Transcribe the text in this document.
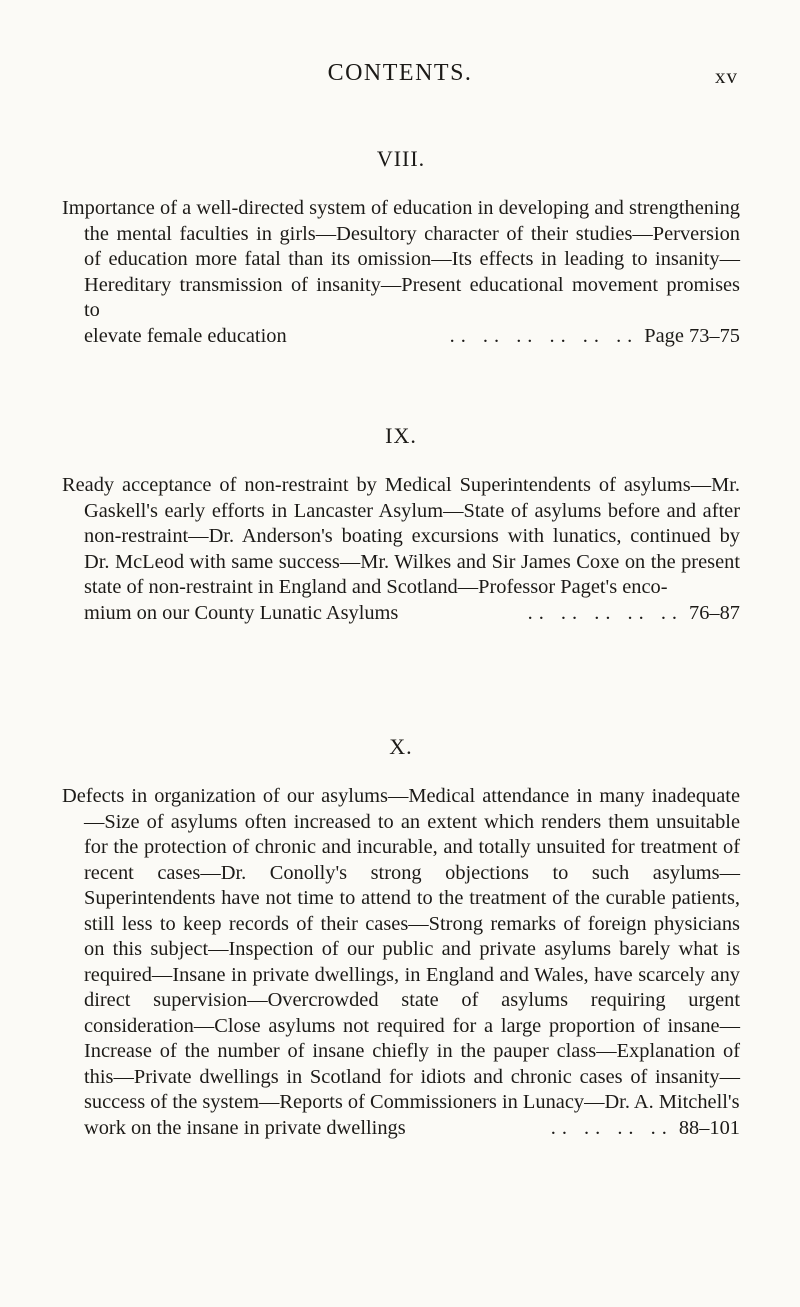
CONTENTS.	xv
VIII.
Importance of a well-directed system of education in developing and strengthening the mental faculties in girls—Desultory character of their studies—Perversion of education more fatal than its omission—Its effects in leading to insanity—Hereditary transmission of insanity—Present educational movement promises to
elevate female education	.. .. .. .. .. .. Page 73–75
IX.
Ready acceptance of non-restraint by Medical Superintendents of asylums—Mr. Gaskell's early efforts in Lancaster Asylum—State of asylums before and after non-restraint—Dr. Anderson's boating excursions with lunatics, continued by Dr. McLeod with same success—Mr. Wilkes and Sir James Coxe on the present state of non-restraint in England and Scotland—Professor Paget's enco-
mium on our County Lunatic Asylums	.. .. .. .. .. 76–87
X.
Defects in organization of our asylums—Medical attendance in many inadequate—Size of asylums often increased to an extent which renders them unsuitable for the protection of chronic and incurable, and totally unsuited for treatment of recent cases—Dr. Conolly's strong objections to such asylums—Superintendents have not time to attend to the treatment of the curable patients, still less to keep records of their cases—Strong remarks of foreign physicians on this subject—Inspection of our public and private asylums barely what is required—Insane in private dwellings, in England and Wales, have scarcely any direct supervision—Overcrowded state of asylums requiring urgent consideration—Close asylums not required for a large proportion of insane—Increase of the number of insane chiefly in the pauper class—Explanation of this—Private dwellings in Scotland for idiots and chronic cases of insanity—success of the system—Reports of Commissioners in Lunacy—Dr. A. Mitchell's
work on the insane in private dwellings	.. .. .. .. 88–101
